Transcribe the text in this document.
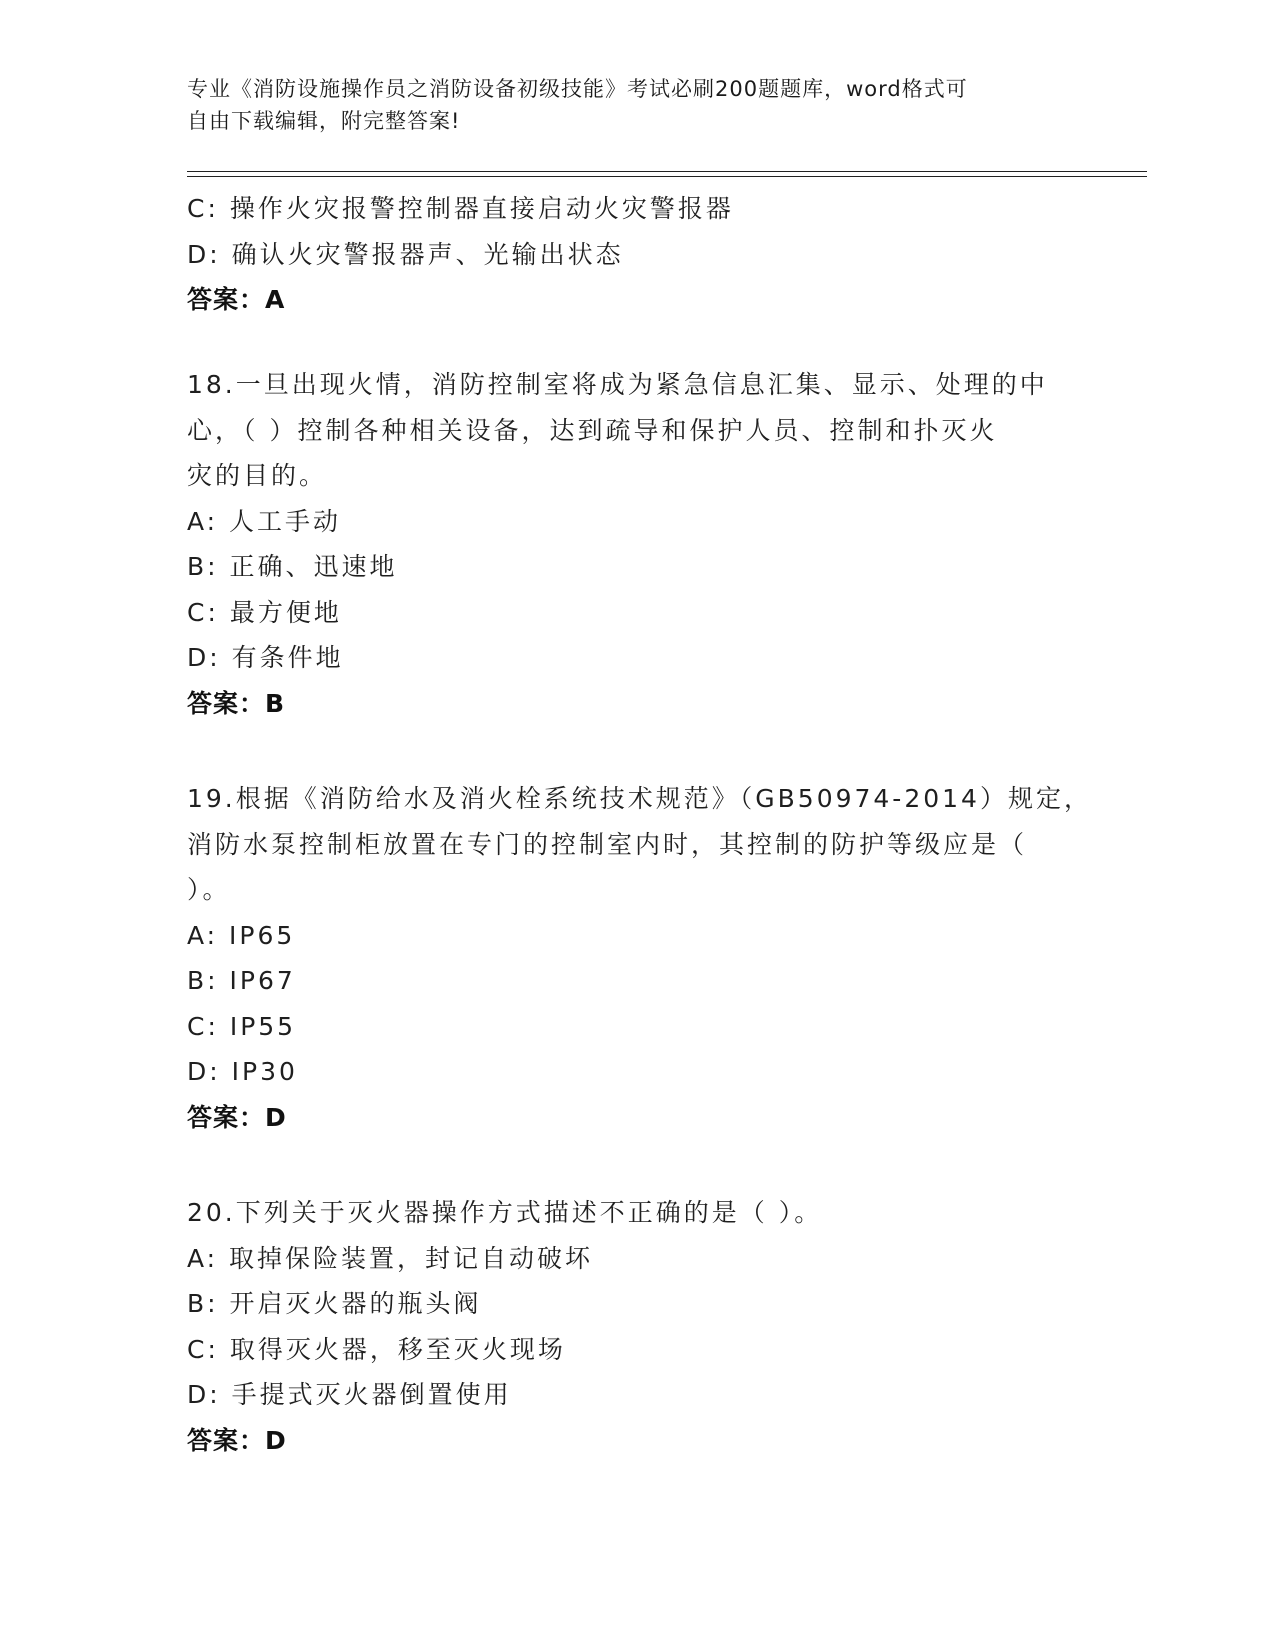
专业《消防设施操作员之消防设备初级技能》考试必刷200题题库，word格式可
自由下载编辑，附完整答案!
C: 操作火灾报警控制器直接启动火灾警报器
D: 确认火灾警报器声、光输出状态
答案：A
18.一旦出现火情，消防控制室将成为紧急信息汇集、显示、处理的中
心，（ ）控制各种相关设备，达到疏导和保护人员、控制和扑灭火
灾的目的。
A: 人工手动
B: 正确、迅速地
C: 最方便地
D: 有条件地
答案：B
19.根据《消防给水及消火栓系统技术规范》（GB50974-2014）规定，
消防水泵控制柜放置在专门的控制室内时，其控制的防护等级应是（
）。
A: IP65
B: IP67
C: IP55
D: IP30
答案：D
20.下列关于灭火器操作方式描述不正确的是（ ）。
A: 取掉保险装置，封记自动破坏
B: 开启灭火器的瓶头阀
C: 取得灭火器，移至灭火现场
D: 手提式灭火器倒置使用
答案：D
